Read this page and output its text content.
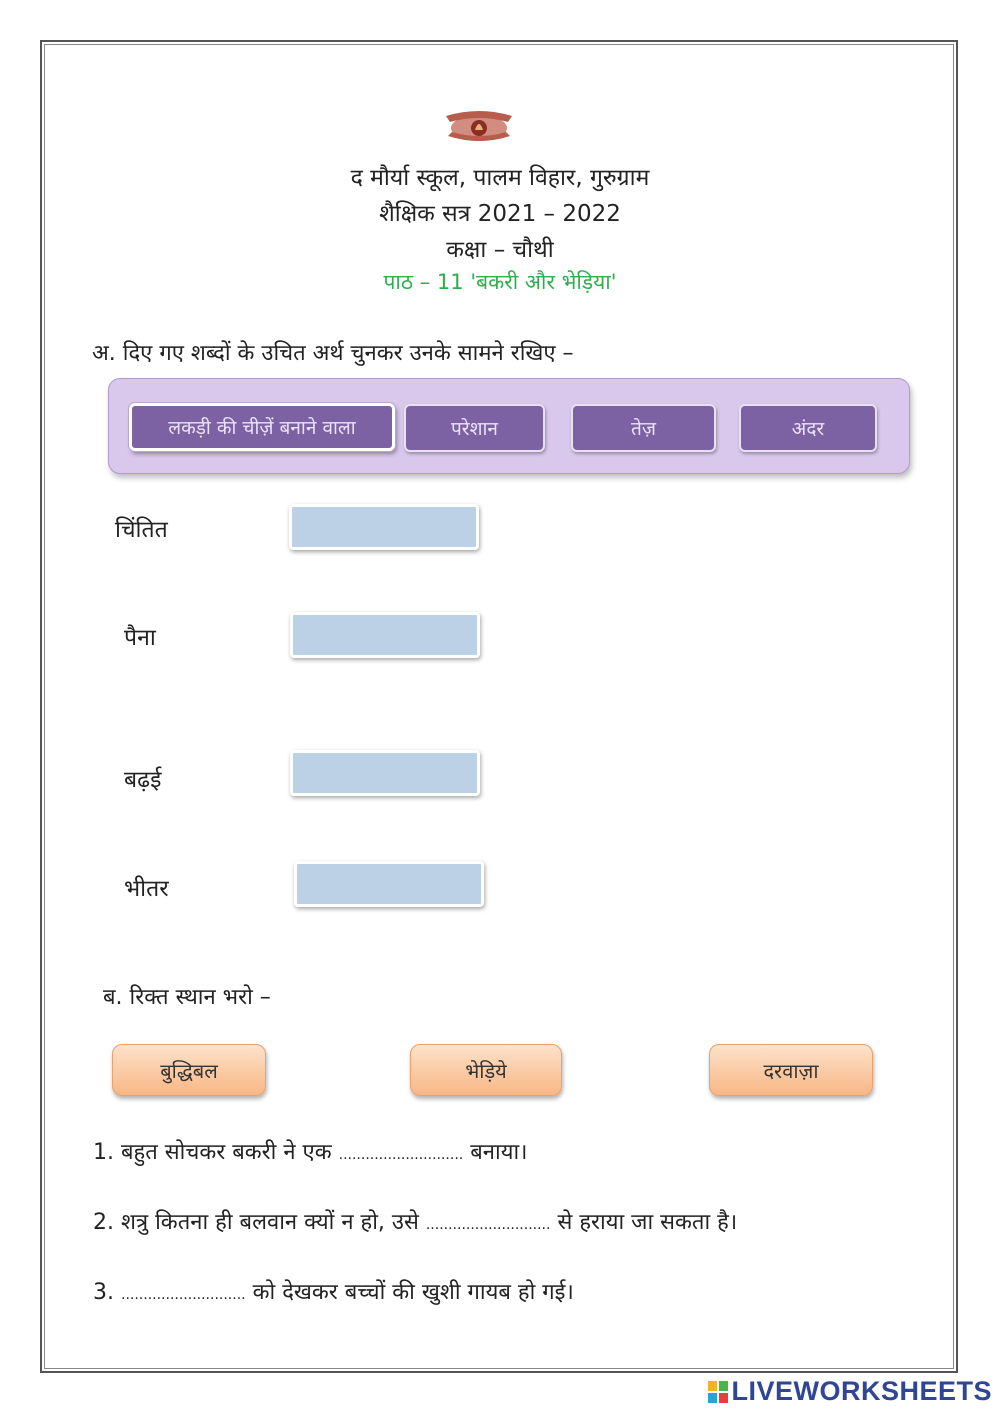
द मौर्या स्कूल, पालम विहार, गुरुग्राम
शैक्षिक सत्र 2021 – 2022
कक्षा – चौथी
पाठ – 11 'बकरी और भेड़िया'
अ. दिए गए शब्दों के उचित अर्थ चुनकर उनके सामने रखिए –
लकड़ी की चीज़ें बनाने वाला	परेशान	तेज़	अंदर
चिंतित
पैना
बढ़ई
भीतर
ब. रिक्त स्थान भरो –
बुद्धिबल	भेड़िये	दरवाज़ा
1. बहुत सोचकर बकरी ने एक ............................ बनाया।
2. शत्रु कितना ही बलवान क्यों न हो, उसे ............................ से हराया जा सकता है।
3. ............................ को देखकर बच्चों की खुशी गायब हो गई।
LIVEWORKSHEETS
